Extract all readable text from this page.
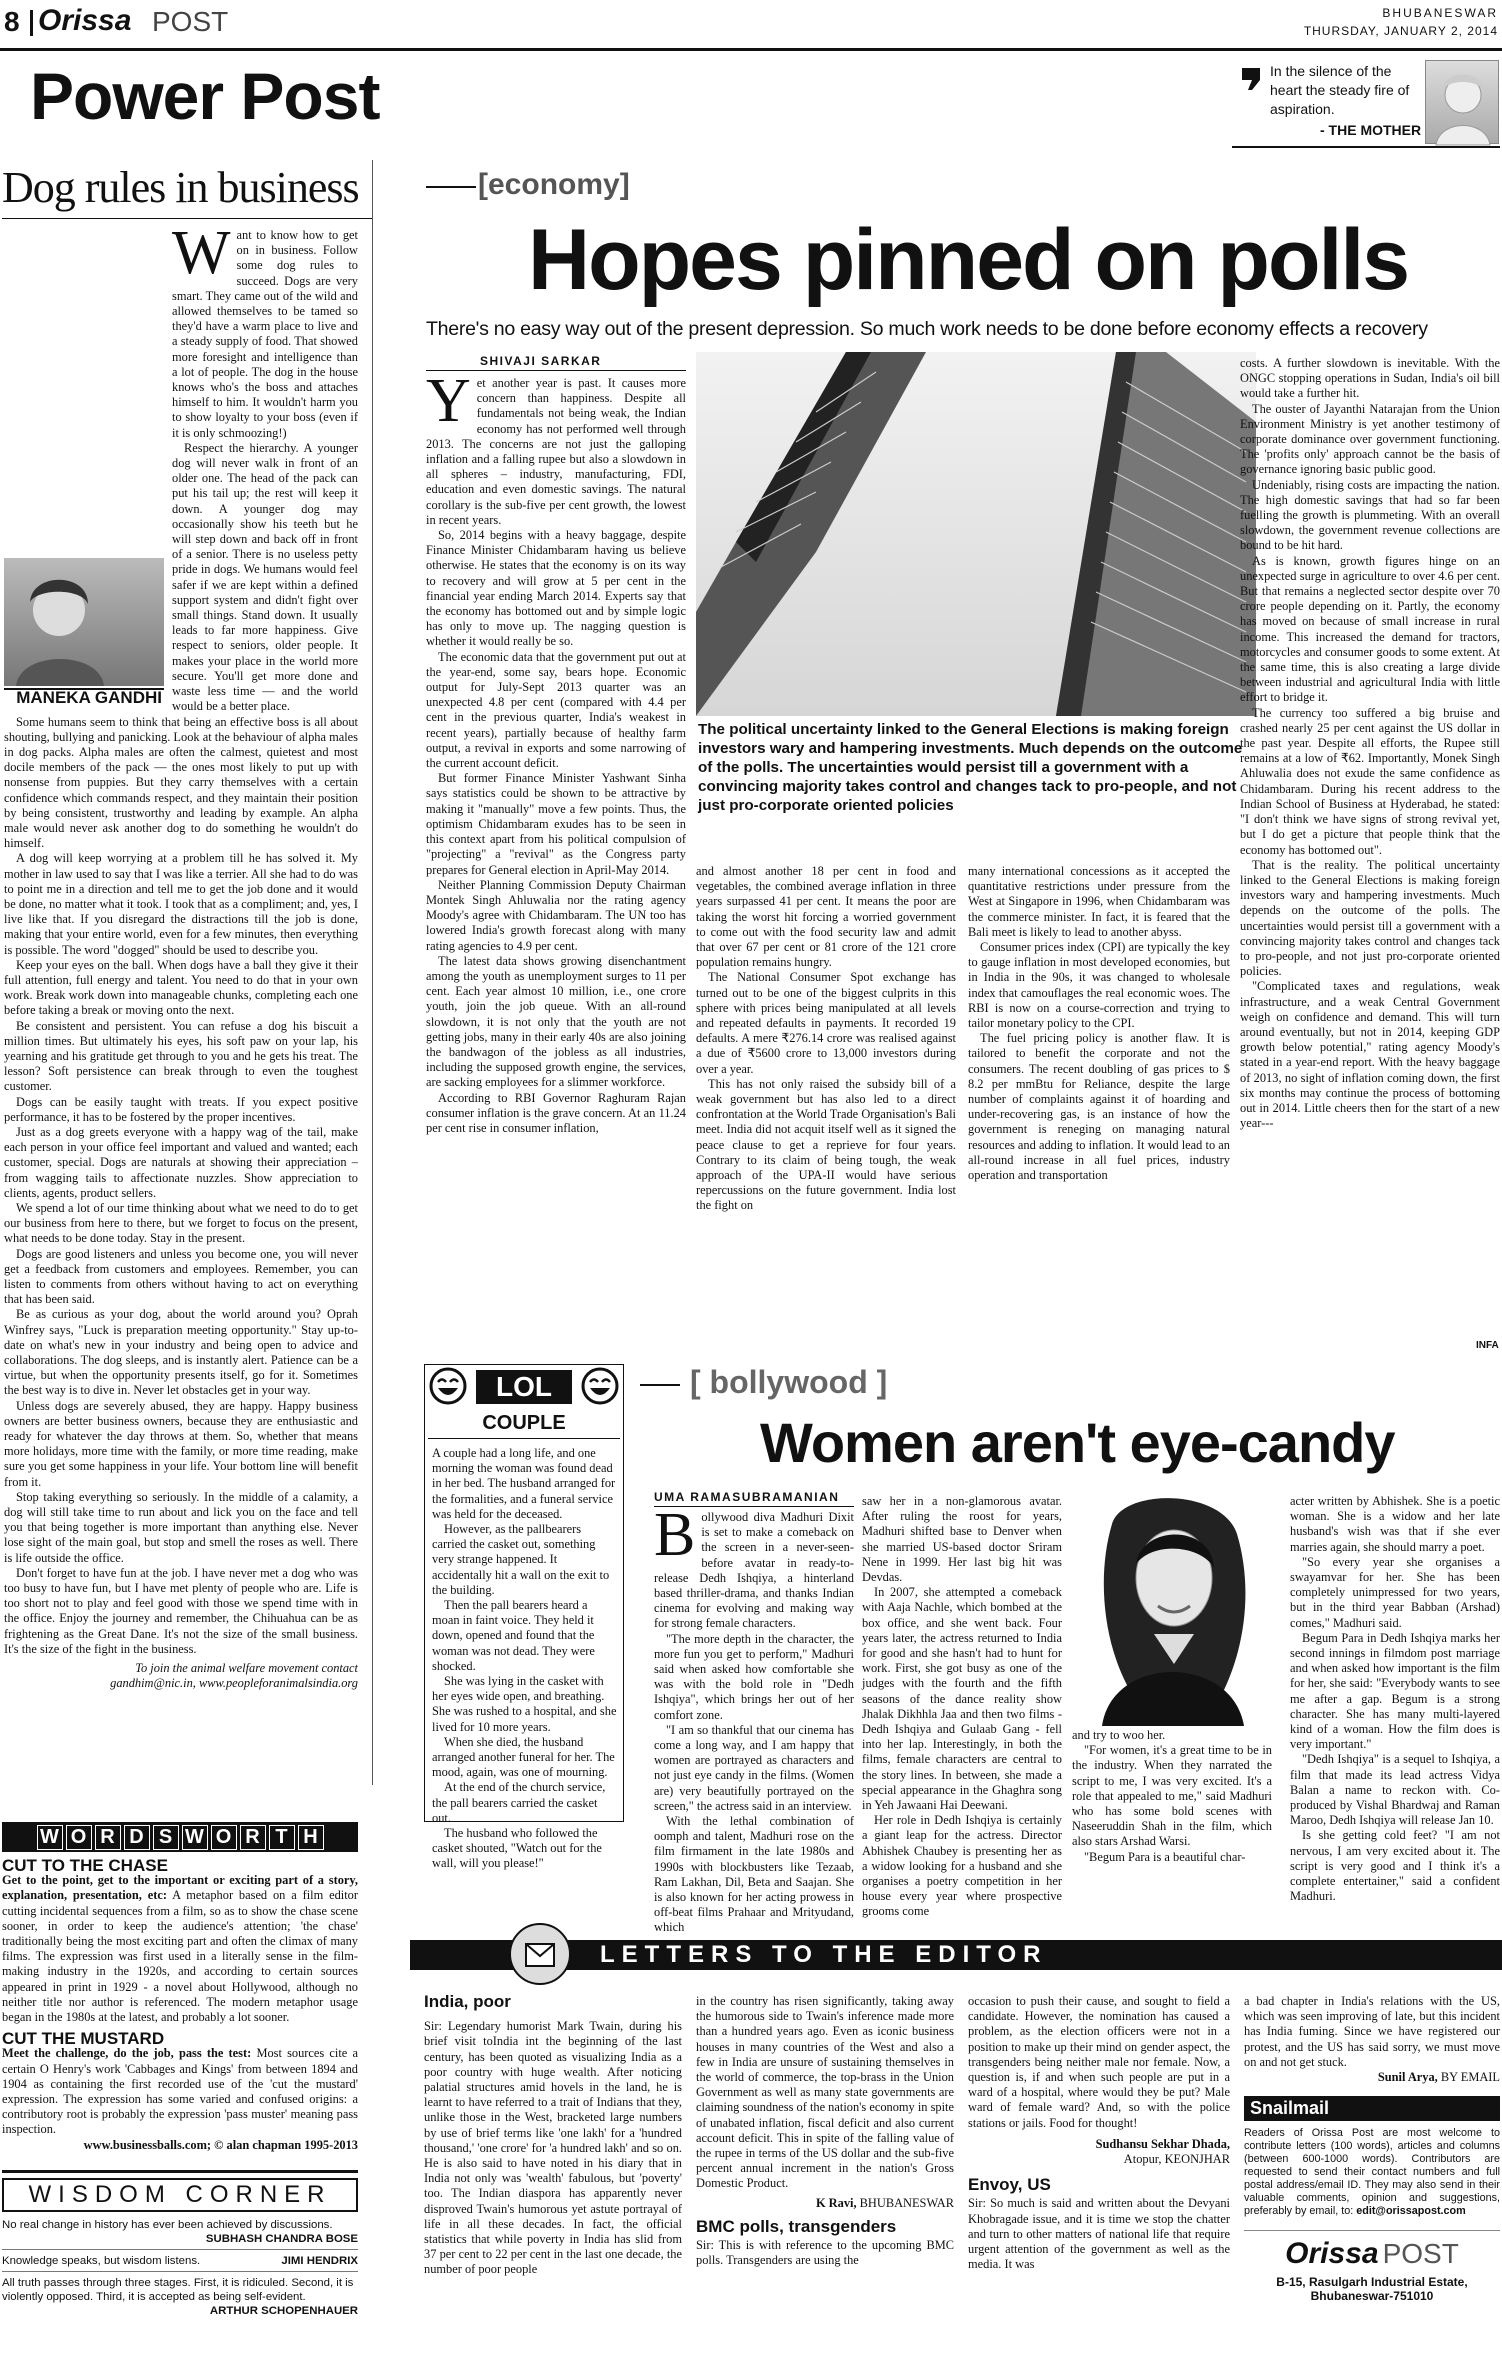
8 Orissa POST	BHUBANESWAR
THURSDAY, JANUARY 2, 2014
Power Post	In the silence of the heart the steady fire of aspiration.
- THE MOTHER
Dog rules in business
MANEKA GANDHI

Want to know how to get on in business. Follow some dog rules to succeed. Dogs are very smart. They came out of the wild and allowed themselves to be tamed so they'd have a warm place to live and a steady supply of food. That showed more foresight and intelligence than a lot of people. The dog in the house knows who's the boss and attaches himself to him. It wouldn't harm you to show loyalty to your boss (even if it is only schmoozing!)

Respect the hierarchy. A younger dog will never walk in front of an older one. The head of the pack can put his tail up; the rest will keep it down. A younger dog may occasionally show his teeth but he will step down and back off in front of a senior. There is no useless petty pride in dogs. We humans would feel safer if we are kept within a defined support system and didn't fight over small things. Stand down. It usually leads to far more happiness. Give respect to seniors, older people. It makes your place in the world more secure. You'll get more done and waste less time — and the world would be a better place.

Some humans seem to think that being an effective boss is all about shouting, bullying and panicking. Look at the behaviour of alpha males in dog packs. Alpha males are often the calmest, quietest and most docile members of the pack — the ones most likely to put up with nonsense from puppies. But they carry themselves with a certain confidence which commands respect, and they maintain their position by being consistent, trustworthy and leading by example. An alpha male would never ask another dog to do something he wouldn't do himself.

A dog will keep worrying at a problem till he has solved it. My mother in law used to say that I was like a terrier. All she had to do was to point me in a direction and tell me to get the job done and it would be done, no matter what it took. I took that as a compliment; and, yes, I live like that. If you disregard the distractions till the job is done, making that your entire world, even for a few minutes, then everything is possible. The word "dogged" should be used to describe you.

Keep your eyes on the ball. When dogs have a ball they give it their full attention, full energy and talent. You need to do that in your own work. Break work down into manageable chunks, completing each one before taking a break or moving onto the next.

Be consistent and persistent. You can refuse a dog his biscuit a million times. But ultimately his eyes, his soft paw on your lap, his yearning and his gratitude get through to you and he gets his treat. The lesson? Soft persistence can break through to even the toughest customer.

Dogs can be easily taught with treats. If you expect positive performance, it has to be fostered by the proper incentives.

Just as a dog greets everyone with a happy wag of the tail, make each person in your office feel important and valued and wanted; each customer, special. Dogs are naturals at showing their appreciation – from wagging tails to affectionate nuzzles. Show appreciation to clients, agents, product sellers.

We spend a lot of our time thinking about what we need to do to get our business from here to there, but we forget to focus on the present, what needs to be done today. Stay in the present.

Dogs are good listeners and unless you become one, you will never get a feedback from customers and employees. Remember, you can listen to comments from others without having to act on everything that has been said.

Be as curious as your dog, about the world around you? Oprah Winfrey says, "Luck is preparation meeting opportunity." Stay up-to-date on what's new in your industry and being open to advice and collaborations. The dog sleeps, and is instantly alert. Patience can be a virtue, but when the opportunity presents itself, go for it. Sometimes the best way is to dive in. Never let obstacles get in your way.

Unless dogs are severely abused, they are happy. Happy business owners are better business owners, because they are enthusiastic and ready for whatever the day throws at them. So, whether that means more holidays, more time with the family, or more time reading, make sure you get some happiness in your life. Your bottom line will benefit from it.

Stop taking everything so seriously. In the middle of a calamity, a dog will still take time to run about and lick you on the face and tell you that being together is more important than anything else. Never lose sight of the main goal, but stop and smell the roses as well. There is life outside the office.

Don't forget to have fun at the job. I have never met a dog who was too busy to have fun, but I have met plenty of people who are. Life is too short not to play and feel good with those we spend time with in the office. Enjoy the journey and remember, the Chihuahua can be as frightening as the Great Dane. It's not the size of the small business. It's the size of the fight in the business.

To join the animal welfare movement contact

gandhim@nic.in, www.peopleforanimalsindia.org

W O R D S W O R T H
CUT TO THE CHASE

Get to the point, get to the important or exciting part of a story, explanation, presentation, etc: A metaphor based on a film editor cutting incidental sequences from a film, so as to show the chase scene sooner, in order to keep the audience's attention; 'the chase' traditionally being the most exciting part and often the climax of many films. The expression was first used in a literally sense in the film-making industry in the 1920s, and according to certain sources appeared in print in 1929 - a novel about Hollywood, although no neither title nor author is referenced. The modern metaphor usage began in the 1980s at the latest, and probably a lot sooner.

CUT THE MUSTARD

Meet the challenge, do the job, pass the test: Most sources cite a certain O Henry's work 'Cabbages and Kings' from between 1894 and 1904 as containing the first recorded use of the 'cut the mustard' expression. The expression has some varied and confused origins: a contributory root is probably the expression 'pass muster' meaning pass inspection.

www.businessballs.com; © alan chapman 1995-2013

WISDOM CORNER
No real change in history has ever been achieved by discussions.
SUBHASH CHANDRA BOSE
Knowledge speaks, but wisdom listens.	JIMI HENDRIX
All truth passes through three stages. First, it is ridiculed. Second, it is violently opposed. Third, it is accepted as being self-evident.
ARTHUR SCHOPENHAUER
[economy]
Hopes pinned on polls
There's no easy way out of the present depression. So much work needs to be done before economy effects a recovery
SHIVAJI SARKAR

Yet another year is past. It causes more concern than happiness. Despite all fundamentals not being weak, the Indian economy has not performed well through 2013. The concerns are not just the galloping inflation and a falling rupee but also a slowdown in all spheres – industry, manufacturing, FDI, education and even domestic savings. The natural corollary is the sub-five per cent growth, the lowest in recent years.

So, 2014 begins with a heavy baggage, despite Finance Minister Chidambaram having us believe otherwise. He states that the economy is on its way to recovery and will grow at 5 per cent in the financial year ending March 2014. Experts say that the economy has bottomed out and by simple logic has only to move up. The nagging question is whether it would really be so.

The economic data that the government put out at the year-end, some say, bears hope. Economic output for July-Sept 2013 quarter was an unexpected 4.8 per cent (compared with 4.4 per cent in the previous quarter, India's weakest in recent years), partially because of healthy farm output, a revival in exports and some narrowing of the current account deficit.

But former Finance Minister Yashwant Sinha says statistics could be shown to be attractive by making it "manually" move a few points. Thus, the optimism Chidambaram exudes has to be seen in this context apart from his political compulsion of "projecting" a "revival" as the Congress party prepares for General election in April-May 2014.

Neither Planning Commission Deputy Chairman Montek Singh Ahluwalia nor the rating agency Moody's agree with Chidambaram. The UN too has lowered India's growth forecast along with many rating agencies to 4.9 per cent.

The latest data shows growing disenchantment among the youth as unemployment surges to 11 per cent. Each year almost 10 million, i.e., one crore youth, join the job queue. With an all-round slowdown, it is not only that the youth are not getting jobs, many in their early 40s are also joining the bandwagon of the jobless as all industries, including the supposed growth engine, the services, are sacking employees for a slimmer workforce.

According to RBI Governor Raghuram Rajan consumer inflation is the grave concern. At an 11.24 per cent rise in consumer inflation,

The political uncertainty linked to the General Elections is making foreign investors wary and hampering investments. Much depends on the outcome of the polls. The uncertainties would persist till a government with a convincing majority takes control and changes tack to pro-people, and not just pro-corporate oriented policies

and almost another 18 per cent in food and vegetables, the combined average inflation in three years surpassed 41 per cent. It means the poor are taking the worst hit forcing a worried government to come out with the food security law and admit that over 67 per cent or 81 crore of the 121 crore population remains hungry.

The National Consumer Spot exchange has turned out to be one of the biggest culprits in this sphere with prices being manipulated at all levels and repeated defaults in payments. It recorded 19 defaults. A mere ₹276.14 crore was realised against a due of ₹5600 crore to 13,000 investors during over a year.

This has not only raised the subsidy bill of a weak government but has also led to a direct confrontation at the World Trade Organisation's Bali meet. India did not acquit itself well as it signed the peace clause to get a reprieve for four years. Contrary to its claim of being tough, the weak approach of the UPA-II would have serious repercussions on the future government. India lost the fight on

many international concessions as it accepted the quantitative restrictions under pressure from the West at Singapore in 1996, when Chidambaram was the commerce minister. In fact, it is feared that the Bali meet is likely to lead to another abyss.

Consumer prices index (CPI) are typically the key to gauge inflation in most developed economies, but in India in the 90s, it was changed to wholesale index that camouflages the real economic woes. The RBI is now on a course-correction and trying to tailor monetary policy to the CPI.

The fuel pricing policy is another flaw. It is tailored to benefit the corporate and not the consumers. The recent doubling of gas prices to $ 8.2 per mmBtu for Reliance, despite the large number of complaints against it of hoarding and under-recovering gas, is an instance of how the government is reneging on managing natural resources and adding to inflation. It would lead to an all-round increase in all fuel prices, industry operation and transportation

costs. A further slowdown is inevitable. With the ONGC stopping operations in Sudan, India's oil bill would take a further hit.

The ouster of Jayanthi Natarajan from the Union Environment Ministry is yet another testimony of corporate dominance over government functioning. The 'profits only' approach cannot be the basis of governance ignoring basic public good.

Undeniably, rising costs are impacting the nation. The high domestic savings that had so far been fuelling the growth is plummeting. With an overall slowdown, the government revenue collections are bound to be hit hard.

As is known, growth figures hinge on an unexpected surge in agriculture to over 4.6 per cent. But that remains a neglected sector despite over 70 crore people depending on it. Partly, the economy has moved on because of small increase in rural income. This increased the demand for tractors, motorcycles and consumer goods to some extent. At the same time, this is also creating a large divide between industrial and agricultural India with little effort to bridge it.

The currency too suffered a big bruise and crashed nearly 25 per cent against the US dollar in the past year. Despite all efforts, the Rupee still remains at a low of ₹62. Importantly, Monek Singh Ahluwalia does not exude the same confidence as Chidambaram. During his recent address to the Indian School of Business at Hyderabad, he stated: "I don't think we have signs of strong revival yet, but I do get a picture that people think that the economy has bottomed out".

That is the reality. The political uncertainty linked to the General Elections is making foreign investors wary and hampering investments. Much depends on the outcome of the polls. The uncertainties would persist till a government with a convincing majority takes control and changes tack to pro-people, and not just pro-corporate oriented policies.

"Complicated taxes and regulations, weak infrastructure, and a weak Central Government weigh on confidence and demand. This will turn around eventually, but not in 2014, keeping GDP growth below potential," rating agency Moody's stated in a year-end report. With the heavy baggage of 2013, no sight of inflation coming down, the first six months may continue the process of bottoming out in 2014. Little cheers then for the start of a new year---

INFA
LOL
COUPLE

A couple had a long life, and one morning the woman was found dead in her bed. The husband arranged for the formalities, and a funeral service was held for the deceased.

However, as the pallbearers carried the casket out, something very strange happened. It accidentally hit a wall on the exit to the building.

Then the pall bearers heard a moan in faint voice. They held it down, opened and found that the woman was not dead. They were shocked.

She was lying in the casket with her eyes wide open, and breathing. She was rushed to a hospital, and she lived for 10 more years.

When she died, the husband arranged another funeral for her. The mood, again, was one of mourning.

At the end of the church service, the pall bearers carried the casket out.

The husband who followed the casket shouted, "Watch out for the wall, will you please!"

[ bollywood ]
Women aren't eye-candy
UMA RAMASUBRAMANIAN

Bollywood diva Madhuri Dixit is set to make a comeback on the screen in a never-seen-before avatar in ready-to-release Dedh Ishqiya, a hinterland based thriller-drama, and thanks Indian cinema for evolving and making way for strong female characters.

"The more depth in the character, the more fun you get to perform," Madhuri said when asked how comfortable she was with the bold role in "Dedh Ishqiya", which brings her out of her comfort zone.

"I am so thankful that our cinema has come a long way, and I am happy that women are portrayed as characters and not just eye candy in the films. (Women are) very beautifully portrayed on the screen," the actress said in an interview.

With the lethal combination of oomph and talent, Madhuri rose on the film firmament in the late 1980s and 1990s with blockbusters like Tezaab, Ram Lakhan, Dil, Beta and Saajan. She is also known for her acting prowess in off-beat films Prahaar and Mrityudand, which

saw her in a non-glamorous avatar. After ruling the roost for years, Madhuri shifted base to Denver when she married US-based doctor Sriram Nene in 1999. Her last big hit was Devdas.

In 2007, she attempted a comeback with Aaja Nachle, which bombed at the box office, and she went back. Four years later, the actress returned to India for good and she hasn't had to hunt for work. First, she got busy as one of the judges with the fourth and the fifth seasons of the dance reality show Jhalak Dikhhla Jaa and then two films - Dedh Ishqiya and Gulaab Gang - fell into her lap. Interestingly, in both the films, female characters are central to the story lines. In between, she made a special appearance in the Ghaghra song in Yeh Jawaani Hai Deewani.

Her role in Dedh Ishqiya is certainly a giant leap for the actress. Director Abhishek Chaubey is presenting her as a widow looking for a husband and she organises a poetry competition in her house every year where prospective grooms come

and try to woo her.

"For women, it's a great time to be in the industry. When they narrated the script to me, I was very excited. It's a role that appealed to me," said Madhuri who has some bold scenes with Naseeruddin Shah in the film, which also stars Arshad Warsi.

"Begum Para is a beautiful char-

acter written by Abhishek. She is a poetic woman. She is a widow and her late husband's wish was that if she ever marries again, she should marry a poet.

"So every year she organises a swayamvar for her. She has been completely unimpressed for two years, but in the third year Babban (Arshad) comes," Madhuri said.

Begum Para in Dedh Ishqiya marks her second innings in filmdom post marriage and when asked how important is the film for her, she said: "Everybody wants to see me after a gap. Begum is a strong character. She has many multi-layered kind of a woman. How the film does is very important."

"Dedh Ishqiya" is a sequel to Ishqiya, a film that made its lead actress Vidya Balan a name to reckon with. Co-produced by Vishal Bhardwaj and Raman Maroo, Dedh Ishqiya will release Jan 10.

Is she getting cold feet? "I am not nervous, I am very excited about it. The script is very good and I think it's a complete entertainer," said a confident Madhuri.

LETTERS TO THE EDITOR
India, poor

Sir: Legendary humorist Mark Twain, during his brief visit toIndia int the beginning of the last century, has been quoted as visualizing India as a poor country with huge wealth. After noticing palatial structures amid hovels in the land, he is learnt to have referred to a trait of Indians that they, unlike those in the West, bracketed large numbers by use of brief terms like 'one lakh' for a 'hundred thousand,' 'one crore' for 'a hundred lakh' and so on. He is also said to have noted in his diary that in India not only was 'wealth' fabulous, but 'poverty' too. The Indian diaspora has apparently never disproved Twain's humorous yet astute portrayal of life in all these decades. In fact, the official statistics that while poverty in India has slid from 37 per cent to 22 per cent in the last one decade, the number of poor people

in the country has risen significantly, taking away the humorous side to Twain's inference made more than a hundred years ago. Even as iconic business houses in many countries of the West and also a few in India are unsure of sustaining themselves in the world of commerce, the top-brass in the Union Government as well as many state governments are claiming soundness of the nation's economy in spite of unabated inflation, fiscal deficit and also current account deficit. This in spite of the falling value of the rupee in terms of the US dollar and the sub-five percent annual increment in the nation's Gross Domestic Product.

K Ravi, BHUBANESWAR
BMC polls, transgenders

Sir: This is with reference to the upcoming BMC polls. Transgenders are using the

occasion to push their cause, and sought to field a candidate. However, the nomination has caused a problem, as the election officers were not in a position to make up their mind on gender aspect, the transgenders being neither male nor female. Now, a question is, if and when such people are put in a ward of a hospital, where would they be put? Male ward of female ward? And, so with the police stations or jails. Food for thought!

Sudhansu Sekhar Dhada,
Atopur, KEONJHAR
Envoy, US

Sir: So much is said and written about the Devyani Khobragade issue, and it is time we stop the chatter and turn to other matters of national life that require urgent attention of the government as well as the media. It was

a bad chapter in India's relations with the US, which was seen improving of late, but this incident has India fuming. Since we have registered our protest, and the US has said sorry, we must move on and not get stuck.

Sunil Arya, BY EMAIL
Snailmail
Readers of Orissa Post are most welcome to contribute letters (100 words), articles and columns (between 600-1000 words). Contributors are requested to send their contact numbers and full postal address/email ID. They may also send in their valuable comments, opinion and suggestions, preferably by email, to: edit@orissapost.com
Orissa POST
B-15, Rasulgarh Industrial Estate,
Bhubaneswar-751010
